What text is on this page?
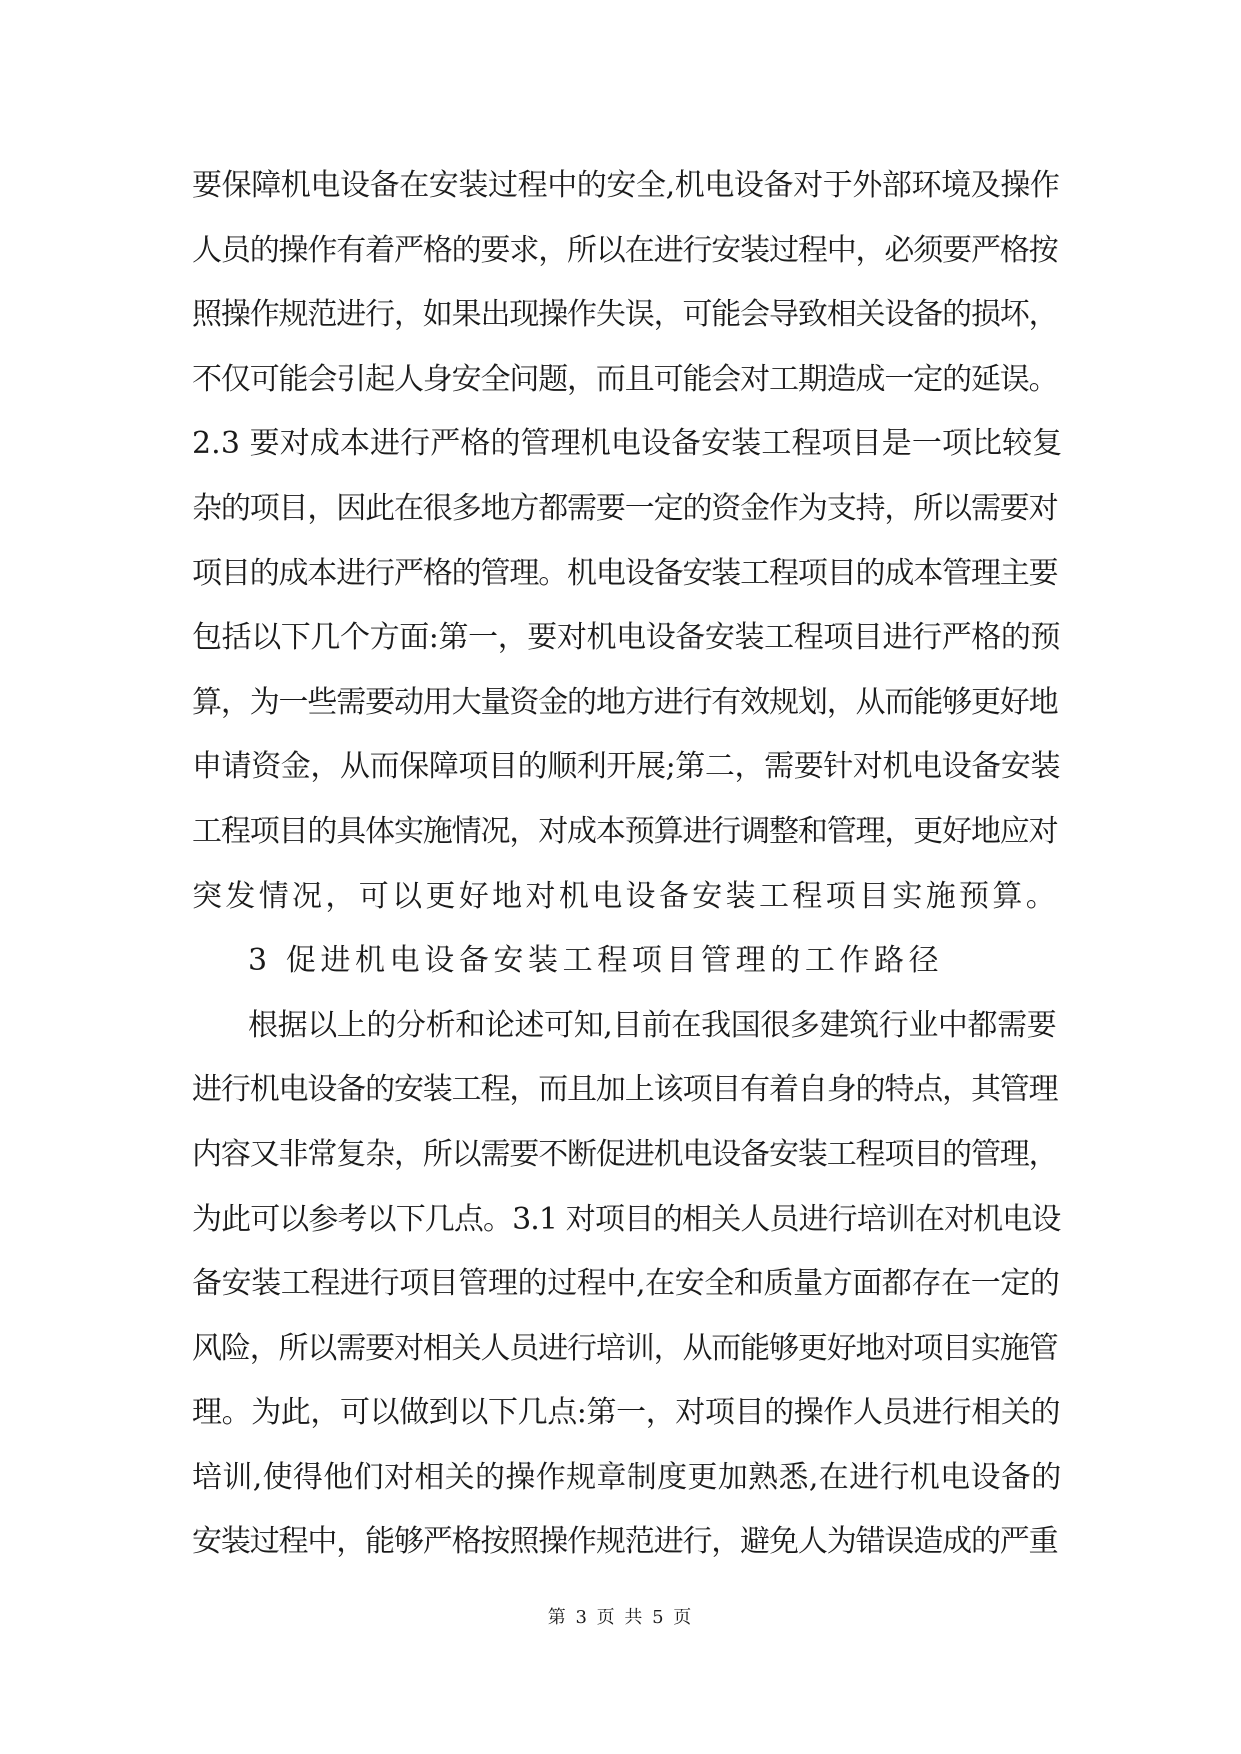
要保障机电设备在安装过程中的安全,机电设备对于外部环境及操作
人员的操作有着严格的要求，所以在进行安装过程中，必须要严格按
照操作规范进行，如果出现操作失误，可能会导致相关设备的损坏，
不仅可能会引起人身安全问题，而且可能会对工期造成一定的延误。
2.3 要对成本进行严格的管理机电设备安装工程项目是一项比较复
杂的项目，因此在很多地方都需要一定的资金作为支持，所以需要对
项目的成本进行严格的管理。机电设备安装工程项目的成本管理主要
包括以下几个方面:第一，要对机电设备安装工程项目进行严格的预
算，为一些需要动用大量资金的地方进行有效规划，从而能够更好地
申请资金，从而保障项目的顺利开展;第二，需要针对机电设备安装
工程项目的具体实施情况，对成本预算进行调整和管理，更好地应对
突发情况，可以更好地对机电设备安装工程项目实施预算。
3 促进机电设备安装工程项目管理的工作路径
根据以上的分析和论述可知,目前在我国很多建筑行业中都需要
进行机电设备的安装工程，而且加上该项目有着自身的特点，其管理
内容又非常复杂，所以需要不断促进机电设备安装工程项目的管理，
为此可以参考以下几点。3.1 对项目的相关人员进行培训在对机电设
备安装工程进行项目管理的过程中,在安全和质量方面都存在一定的
风险，所以需要对相关人员进行培训，从而能够更好地对项目实施管
理。为此，可以做到以下几点:第一，对项目的操作人员进行相关的
培训,使得他们对相关的操作规章制度更加熟悉,在进行机电设备的
安装过程中，能够严格按照操作规范进行，避免人为错误造成的严重
第 3 页 共 5 页
